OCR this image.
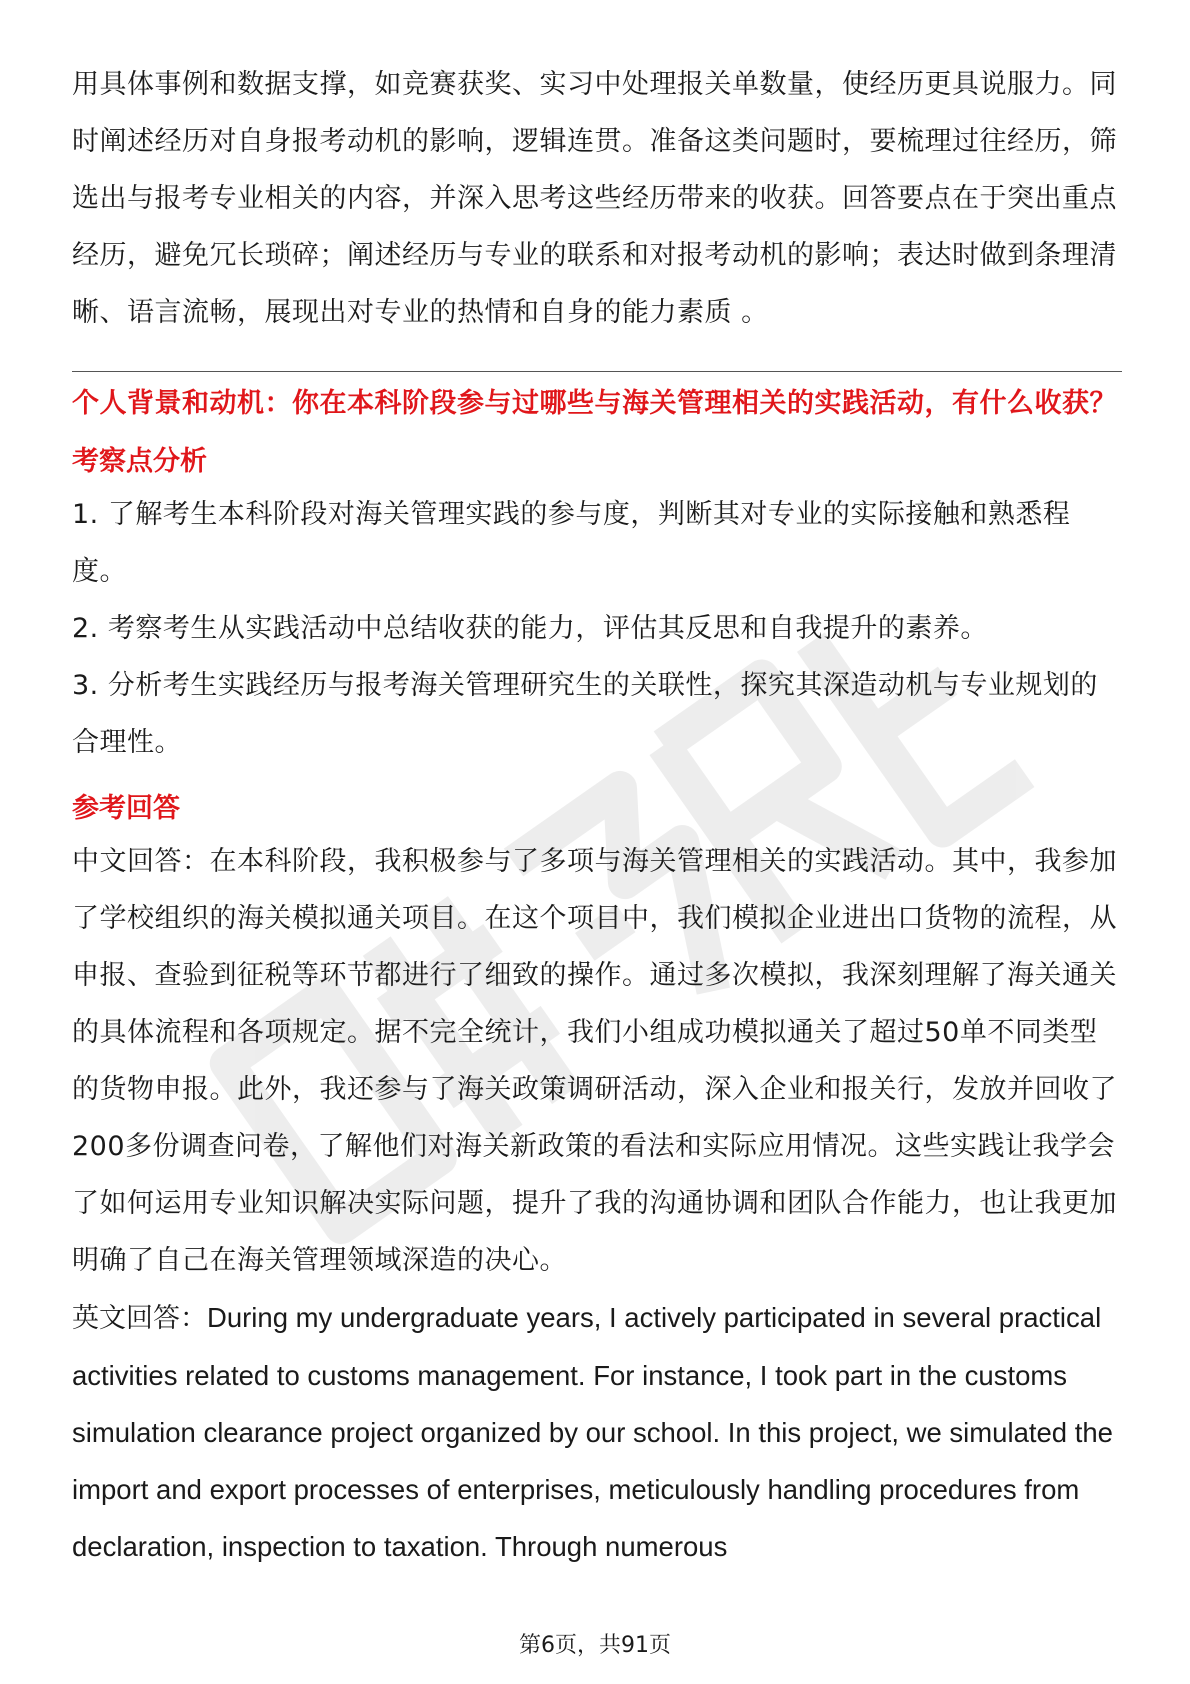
用具体事例和数据支撑，如竞赛获奖、实习中处理报关单数量，使经历更具说服力。同时阐述经历对自身报考动机的影响，逻辑连贯。准备这类问题时，要梳理过往经历，筛选出与报考专业相关的内容，并深入思考这些经历带来的收获。回答要点在于突出重点经历，避免冗长琐碎；阐述经历与专业的联系和对报考动机的影响；表达时做到条理清晰、语言流畅，展现出对专业的热情和自身的能力素质 。

个人背景和动机：你在本科阶段参与过哪些与海关管理相关的实践活动，有什么收获？

考察点分析

1. 了解考生本科阶段对海关管理实践的参与度，判断其对专业的实际接触和熟悉程度。

2. 考察考生从实践活动中总结收获的能力，评估其反思和自我提升的素养。

3. 分析考生实践经历与报考海关管理研究生的关联性，探究其深造动机与专业规划的合理性。

参考回答

中文回答：在本科阶段，我积极参与了多项与海关管理相关的实践活动。其中，我参加了学校组织的海关模拟通关项目。在这个项目中，我们模拟企业进出口货物的流程，从申报、查验到征税等环节都进行了细致的操作。通过多次模拟，我深刻理解了海关通关的具体流程和各项规定。据不完全统计，我们小组成功模拟通关了超过50单不同类型的货物申报。此外，我还参与了海关政策调研活动，深入企业和报关行，发放并回收了200多份调查问卷，了解他们对海关新政策的看法和实际应用情况。这些实践让我学会了如何运用专业知识解决实际问题，提升了我的沟通协调和团队合作能力，也让我更加明确了自己在海关管理领域深造的决心。

英文回答：During my undergraduate years, I actively participated in several practical activities related to customs management. For instance, I took part in the customs simulation clearance project organized by our school. In this project, we simulated the import and export processes of enterprises, meticulously handling procedures from declaration, inspection to taxation. Through numerous

第6页，共91页
